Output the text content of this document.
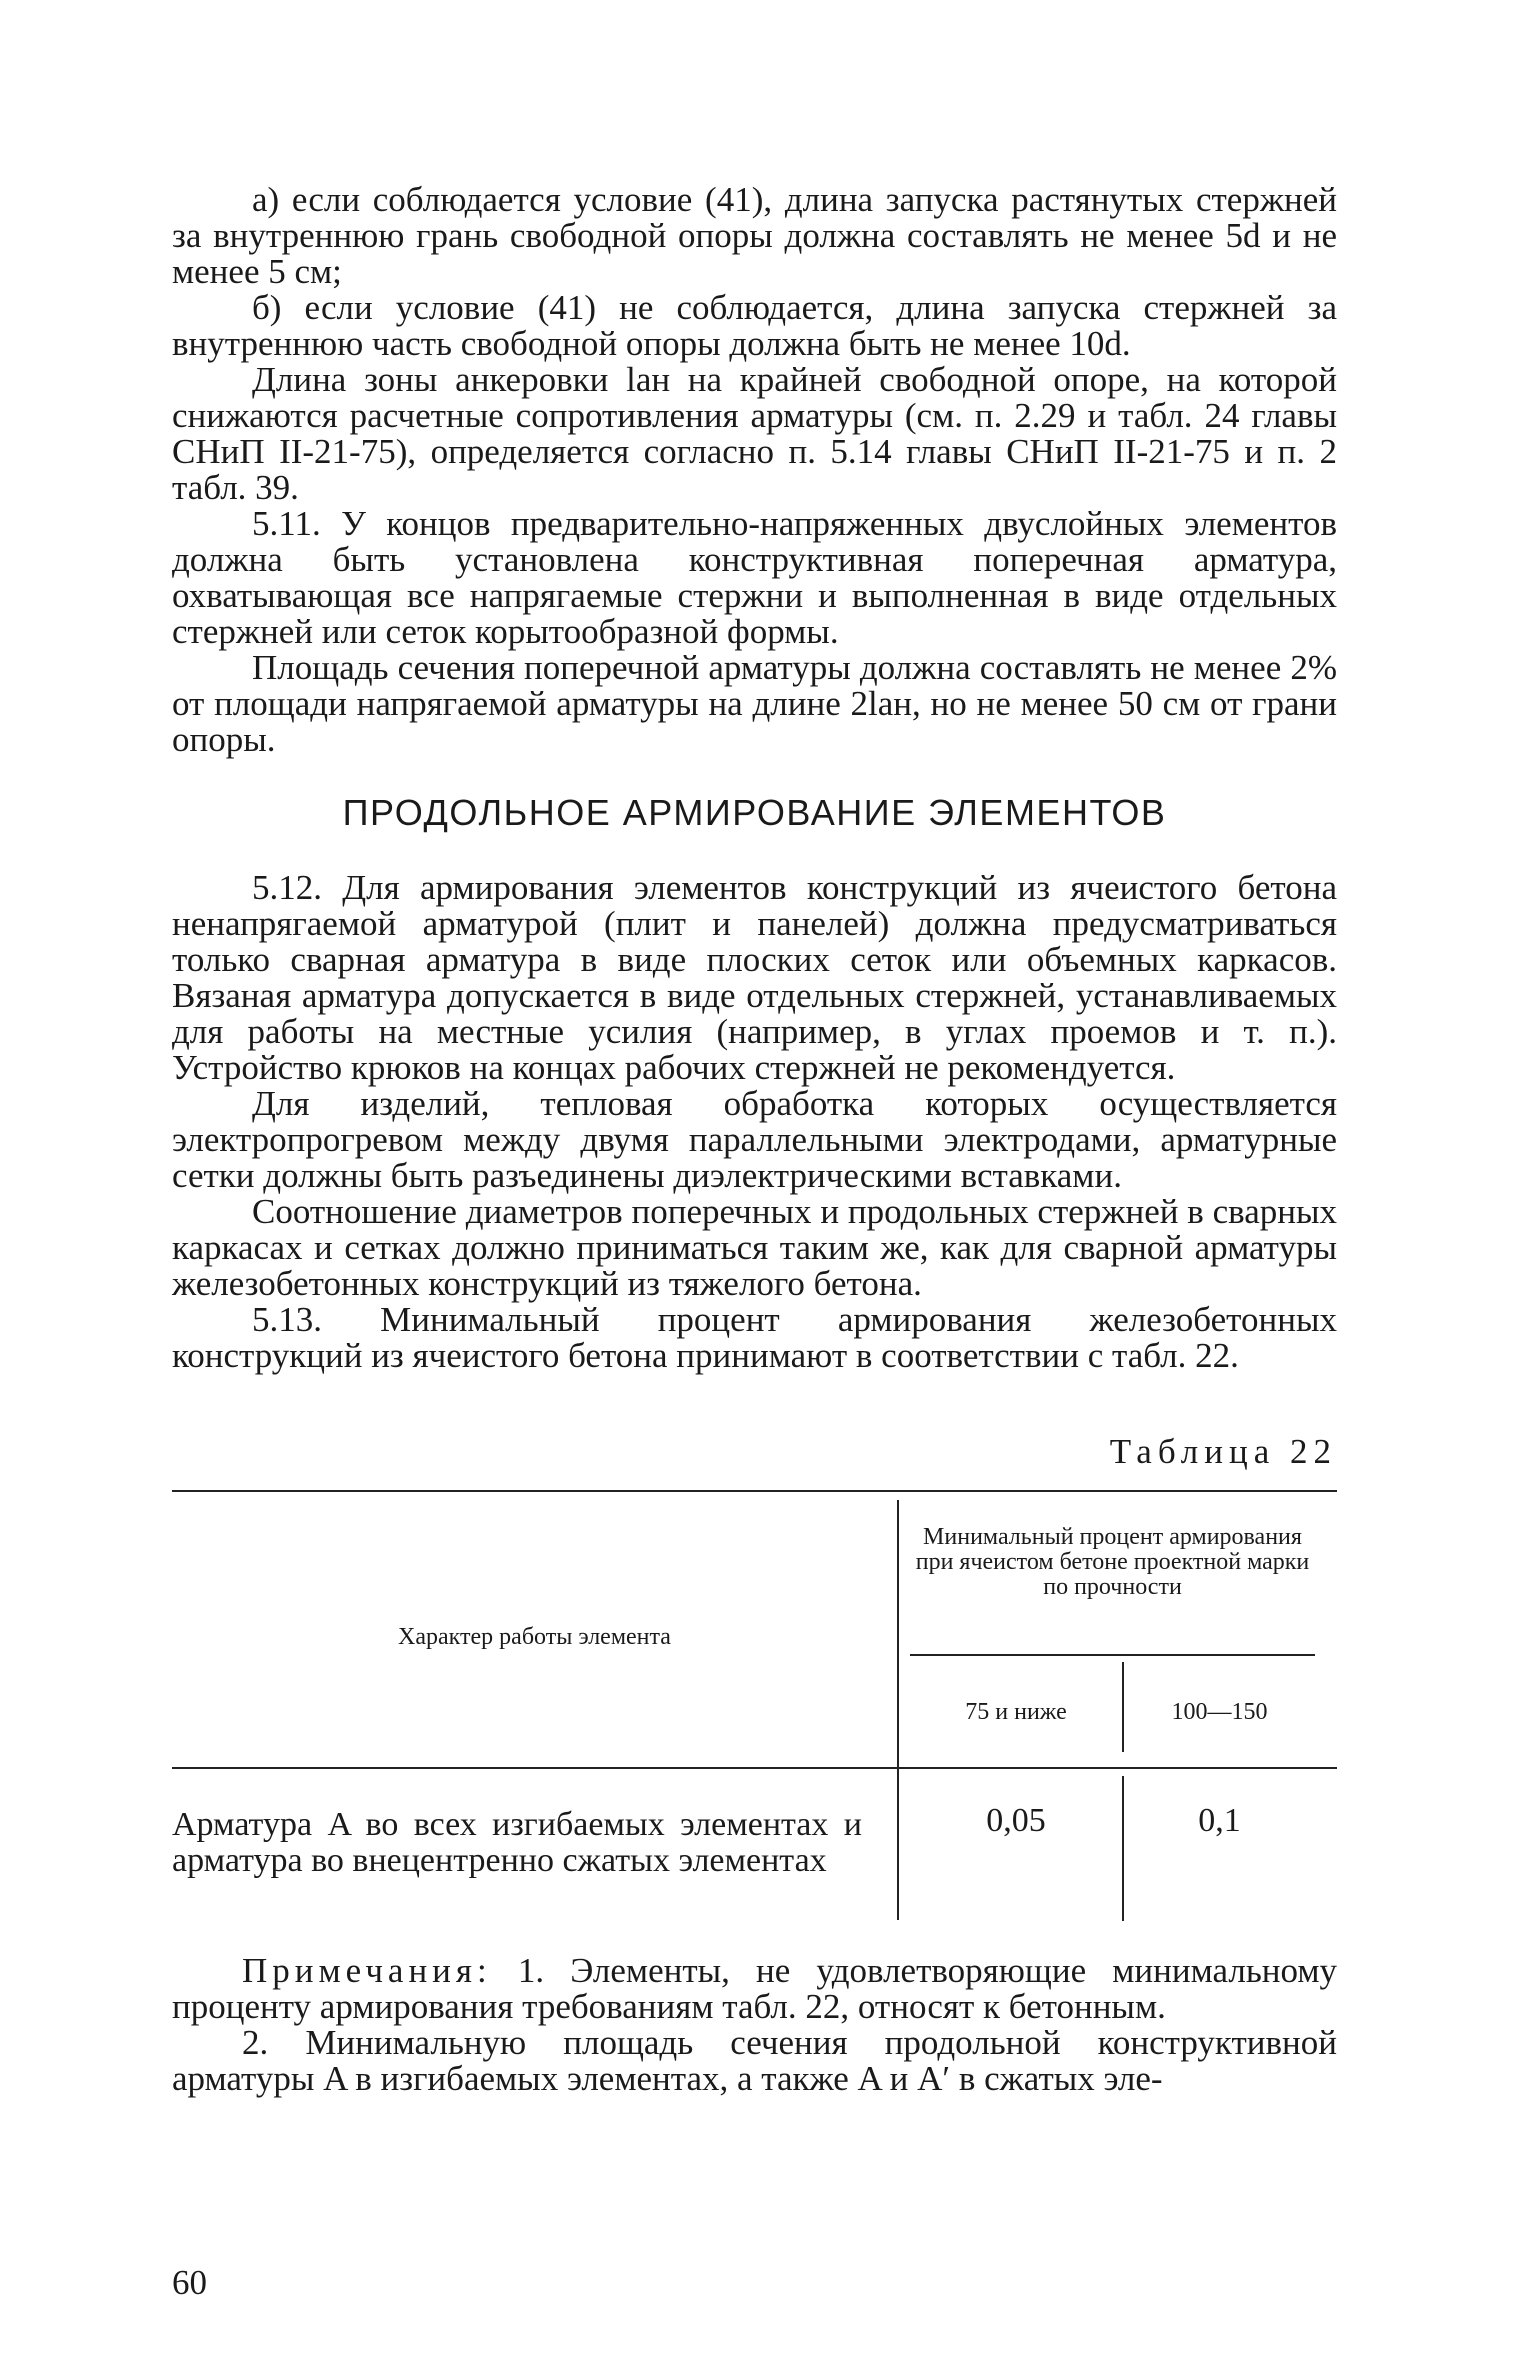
а) если соблюдается условие (41), длина запуска растянутых стержней за внутреннюю грань свободной опоры должна составлять не менее 5d и не менее 5 см;

б) если условие (41) не соблюдается, длина запуска стержней за внутреннюю часть свободной опоры должна быть не менее 10d.

Длина зоны анкеровки lан на крайней свободной опоре, на которой снижаются расчетные сопротивления арматуры (см. п. 2.29 и табл. 24 главы СНиП II-21-75), определяется согласно п. 5.14 главы СНиП II-21-75 и п. 2 табл. 39.

5.11. У концов предварительно-напряженных двуслойных элементов должна быть установлена конструктивная поперечная арматура, охватывающая все напрягаемые стержни и выполненная в виде отдельных стержней или сеток корытообразной формы.

Площадь сечения поперечной арматуры должна составлять не менее 2% от площади напрягаемой арматуры на длине 2lан, но не менее 50 см от грани опоры.

ПРОДОЛЬНОЕ АРМИРОВАНИЕ ЭЛЕМЕНТОВ

5.12. Для армирования элементов конструкций из ячеистого бетона ненапрягаемой арматурой (плит и панелей) должна предусматриваться только сварная арматура в виде плоских сеток или объемных каркасов. Вязаная арматура допускается в виде отдельных стержней, устанавливаемых для работы на местные усилия (например, в углах проемов и т. п.). Устройство крюков на концах рабочих стержней не рекомендуется.

Для изделий, тепловая обработка которых осуществляется электропрогревом между двумя параллельными электродами, арматурные сетки должны быть разъединены диэлектрическими вставками.

Соотношение диаметров поперечных и продольных стержней в сварных каркасах и сетках должно приниматься таким же, как для сварной арматуры железобетонных конструкций из тяжелого бетона.

5.13. Минимальный процент армирования железобетонных конструкций из ячеистого бетона принимают в соответствии с табл. 22.

Таблица 22
Характер работы элемента
Минимальный процент армирования при ячеистом бетоне проектной марки по прочности
75 и ниже	100—150
Арматура A во всех изгибаемых элементах и арматура во внецентренно сжатых элементах
0,05	0,1

Примечания: 1. Элементы, не удовлетворяющие минимальному проценту армирования требованиям табл. 22, относят к бетонным.

2. Минимальную площадь сечения продольной конструктивной арматуры A в изгибаемых элементах, а также A и A′ в сжатых эле-

60
